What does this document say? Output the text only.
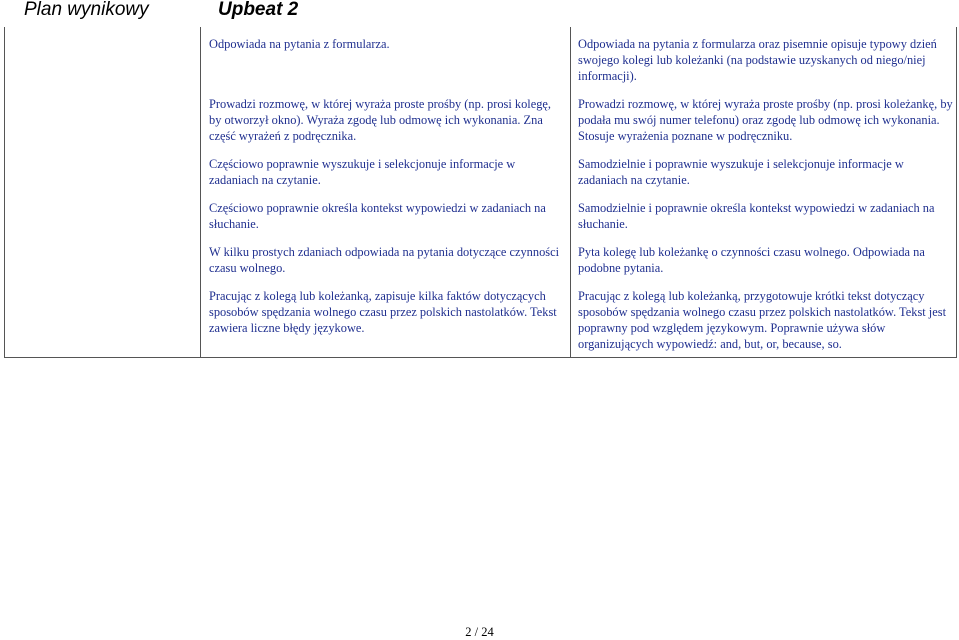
Plan wynikowy	Upbeat 2

Odpowiada na pytania z formularza.	Odpowiada na pytania z formularza oraz pisemnie opisuje typowy dzień swojego kolegi lub koleżanki (na podstawie uzyskanych od niego/niej informacji).

Prowadzi rozmowę, w której wyraża proste prośby (np. prosi kolegę, by otworzył okno). Wyraża zgodę lub odmowę ich wykonania. Zna część wyrażeń z podręcznika.

Prowadzi rozmowę, w której wyraża proste prośby (np. prosi koleżankę, by podała mu swój numer telefonu) oraz zgodę lub odmowę ich wykonania. Stosuje wyrażenia poznane w podręczniku.

Częściowo poprawnie wyszukuje i selekcjonuje informacje w zadaniach na czytanie.

Samodzielnie i poprawnie wyszukuje i selekcjonuje informacje w zadaniach na czytanie.

Częściowo poprawnie określa kontekst wypowiedzi w zadaniach na słuchanie.

Samodzielnie i poprawnie określa kontekst wypowiedzi w zadaniach na słuchanie.

W kilku prostych zdaniach odpowiada na pytania dotyczące czynności czasu wolnego.

Pyta kolegę lub koleżankę o czynności czasu wolnego. Odpowiada na podobne pytania.

Pracując z kolegą lub koleżanką, zapisuje kilka faktów dotyczących sposobów spędzania wolnego czasu przez polskich nastolatków. Tekst zawiera liczne błędy językowe.

Pracując z kolegą lub koleżanką, przygotowuje krótki tekst dotyczący sposobów spędzania wolnego czasu przez polskich nastolatków. Tekst jest poprawny pod względem językowym. Poprawnie używa słów organizujących wypowiedź: and, but, or, because, so.

2 / 24
